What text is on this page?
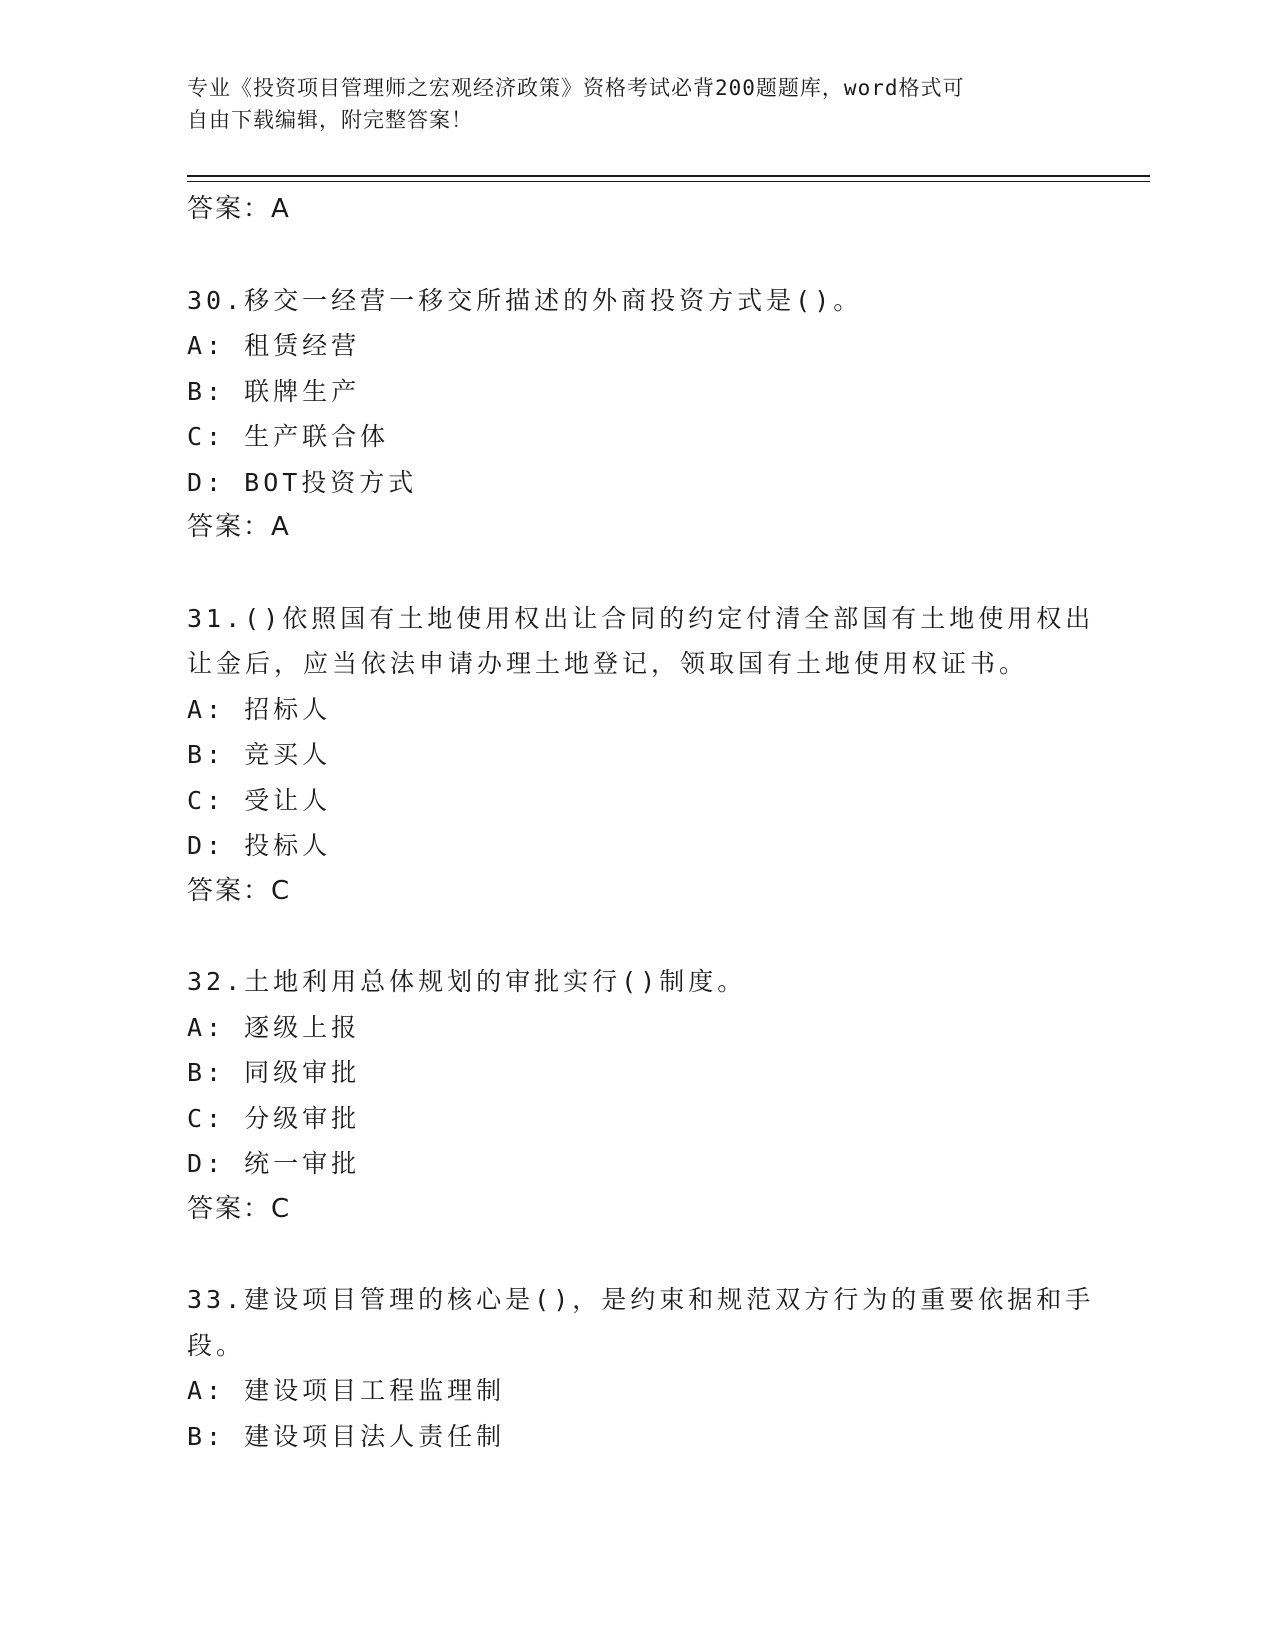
专业《投资项目管理师之宏观经济政策》资格考试必背200题题库，word格式可
自由下载编辑，附完整答案！
答案：A
30.移交一经营一移交所描述的外商投资方式是()。
A: 租赁经营
B: 联牌生产
C: 生产联合体
D: BOT投资方式
答案：A
31.()依照国有土地使用权出让合同的约定付清全部国有土地使用权出
让金后，应当依法申请办理土地登记，领取国有土地使用权证书。
A: 招标人
B: 竞买人
C: 受让人
D: 投标人
答案：C
32.土地利用总体规划的审批实行()制度。
A: 逐级上报
B: 同级审批
C: 分级审批
D: 统一审批
答案：C
33.建设项目管理的核心是()，是约束和规范双方行为的重要依据和手
段。
A: 建设项目工程监理制
B: 建设项目法人责任制
